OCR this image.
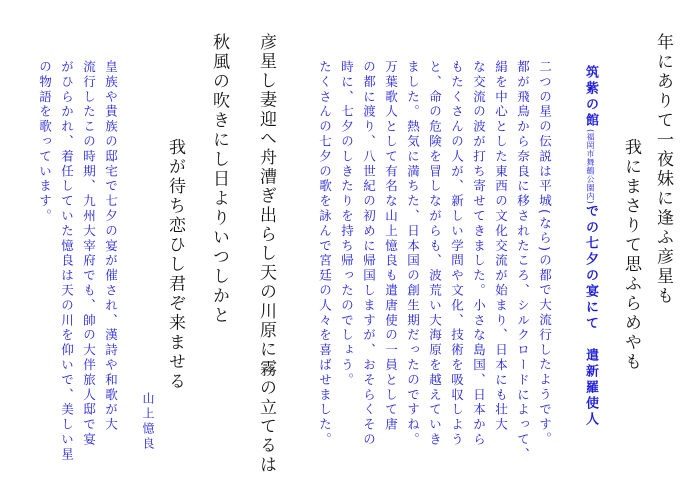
年にありて一夜妹に逢ふ彦星も

我にまさりて思ふらめやも

筑紫の館(福岡市舞鶴公園内)での七夕の宴にて　遣新羅使人

二つの星の伝説は平城(なら)の都で大流行したようです。

都が飛鳥から奈良に移されたころ、シルクロードによって、

絹を中心とした東西の文化交流が始まり、日本にも壮大

な交流の波が打ち寄せてきました。小さな島国、日本から

もたくさんの人が、新しい学問や文化、技術を吸収しよう

と、命の危険を冒しながらも、波荒い大海原を越えていき

ました。熱気に満ちた、日本国の創生期だったのですね。

万葉歌人として有名な山上憶良も遣唐使の一員として唐

の都に渡り、八世紀の初めに帰国しますが、おそらくその

時に、七夕のしきたりを持ち帰ったのでしょう。

たくさんの七夕の歌を詠んで宮廷の人々を喜ばせました。

彦星し妻迎へ舟漕ぎ出らし天の川原に霧の立てるは

秋風の吹きにし日よりいつしかと

我が待ち恋ひし君ぞ来ませる

山上憶良

皇族や貴族の邸宅で七夕の宴が催され、漢詩や和歌が大

流行したこの時期、九州大宰府でも、帥の大伴旅人邸で宴

がひらかれ、着任していた憶良は天の川を仰いで、美しい星

の物語を歌っています。
